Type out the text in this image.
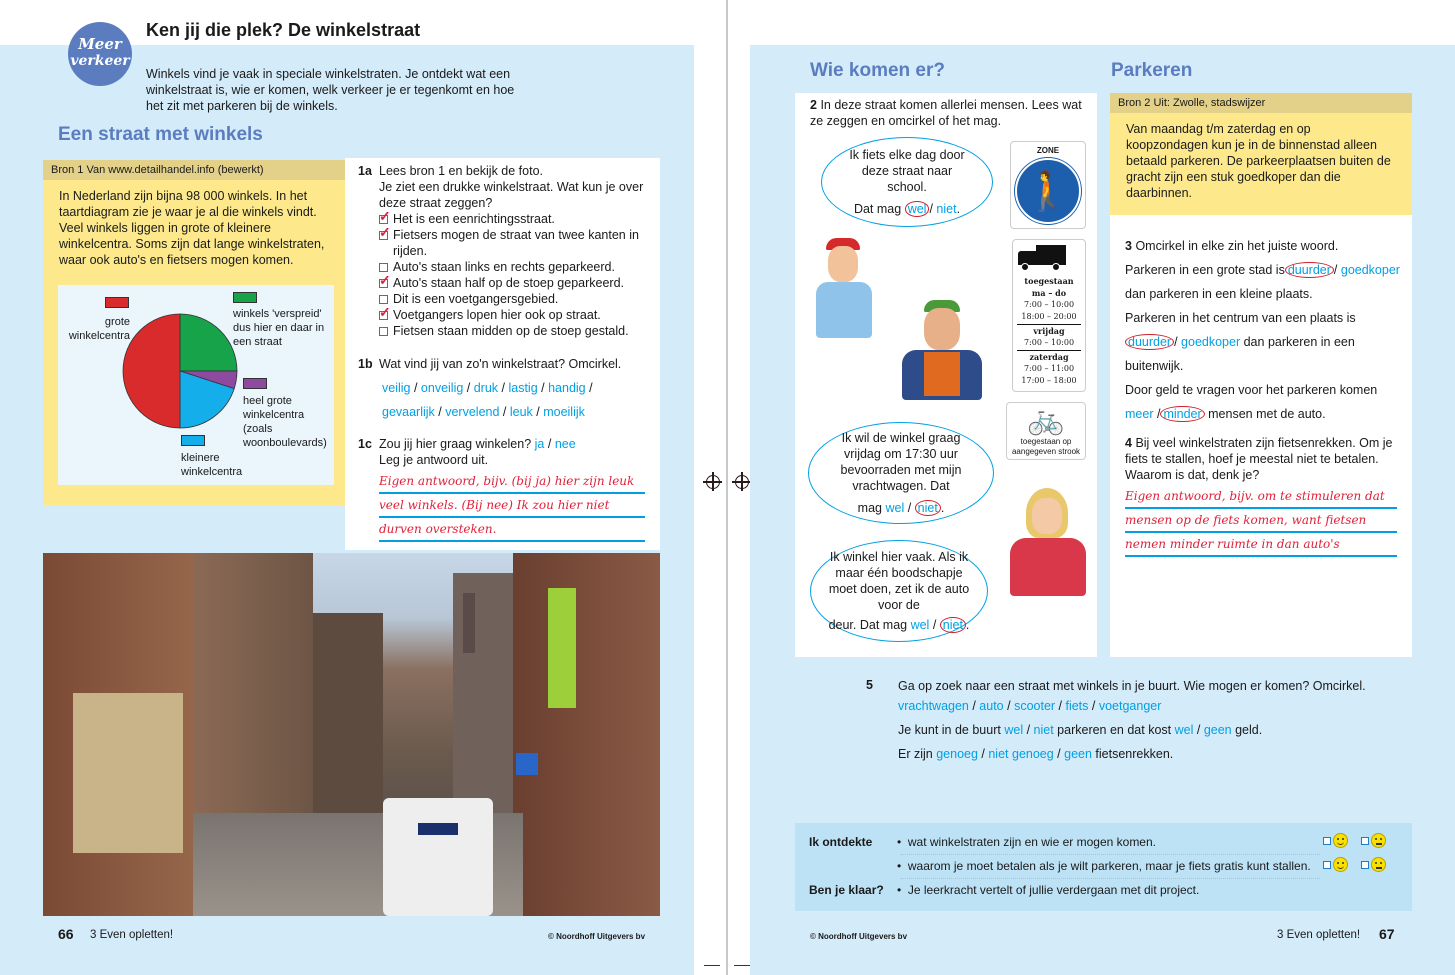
Meer
verkeer
Ken jij die plek? De winkelstraat
Winkels vind je vaak in speciale winkelstraten. Je ontdekt wat een winkelstraat is, wie er komen, welk verkeer je er tegenkomt en hoe het zit met parkeren bij de winkels.
Een straat met winkels
Bron 1 Van www.detailhandel.info (bewerkt)
In Nederland zijn bijna 98 000 winkels. In het taartdiagram zie je waar je al die winkels vindt. Veel winkels liggen in grote of kleinere winkelcentra. Soms zijn dat lange winkelstraten, waar ook auto's en fietsers mogen komen.
grote winkelcentra
winkels 'verspreid' dus hier en daar in een straat
heel grote winkelcentra (zoals woonboulevards)
kleinere winkelcentra
1a Lees bron 1 en bekijk de foto.
Je ziet een drukke winkelstraat. Wat kun je over deze straat zeggen?
✓
Het is een eenrichtingsstraat.
✓
Fietsers mogen de straat van twee kanten in rijden.
Auto's staan links en rechts geparkeerd.
✓
Auto's staan half op de stoep geparkeerd.
Dit is een voetgangersgebied.
✓
Voetgangers lopen hier ook op straat.
Fietsen staan midden op de stoep gestald.
1b Wat vind jij van zo'n winkelstraat? Omcirkel.
veilig / onveilig / druk / lastig / handig /
gevaarlijk / vervelend / leuk / moeilijk
1c Zou jij hier graag winkelen? ja / nee
Leg je antwoord uit.
Eigen antwoord, bijv. (bij ja) hier zijn leuk
veel winkels. (Bij nee) Ik zou hier niet
durven oversteken.
66 3 Even opletten!	© Noordhoff Uitgevers bv
Wie komen er?	Parkeren
2 In deze straat komen allerlei mensen. Lees wat ze zeggen en omcirkel of het mag.
Ik fiets elke dag door deze straat naar school.
Dat mag wel / niet.
Ik wil de winkel graag vrijdag om 17:30 uur bevoorraden met mijn vrachtwagen. Dat
mag wel / niet .
Ik winkel hier vaak. Als ik maar één boodschapje moet doen, zet ik de auto voor de
deur. Dat mag wel / niet .
ZONE
🚶
toegestaan
ma – do
7:00 – 10:00
18:00 – 20:00
vrijdag
7:00 – 10:00
zaterdag
7:00 – 11:00
17:00 – 18:00
🚲
toegestaan op
aangegeven strook
Bron 2 Uit: Zwolle, stadswijzer
Van maandag t/m zaterdag en op koopzondagen kun je in de binnenstad alleen betaald parkeren. De parkeerplaatsen buiten de gracht zijn een stuk goedkoper dan die daarbinnen.
3 Omcirkel in elke zin het juiste woord.
Parkeren in een grote stad is duurder / goedkoper
dan parkeren in een kleine plaats.
Parkeren in het centrum van een plaats is
duurder / goedkoper dan parkeren in een
buitenwijk.
Door geld te vragen voor het parkeren komen
meer / minder mensen met de auto.
4 Bij veel winkelstraten zijn fietsenrekken. Om je fiets te stallen, hoef je meestal niet te betalen. Waarom is dat, denk je?
Eigen antwoord, bijv. om te stimuleren dat
mensen op de fiets komen, want fietsen
nemen minder ruimte in dan auto's
5 Ga op zoek naar een straat met winkels in je buurt. Wie mogen er komen? Omcirkel.
vrachtwagen / auto / scooter / fiets / voetganger
Je kunt in de buurt wel / niet parkeren en dat kost wel / geen geld.
Er zijn genoeg / niet genoeg / geen fietsenrekken.
Ik ontdekte •  wat winkelstraten zijn en wie er mogen komen.
•  waarom je moet betalen als je wilt parkeren, maar je fiets gratis kunt stallen.
Ben je klaar? •  Je leerkracht vertelt of jullie verdergaan met dit project.

© Noordhoff Uitgevers bv	3 Even opletten! 67
